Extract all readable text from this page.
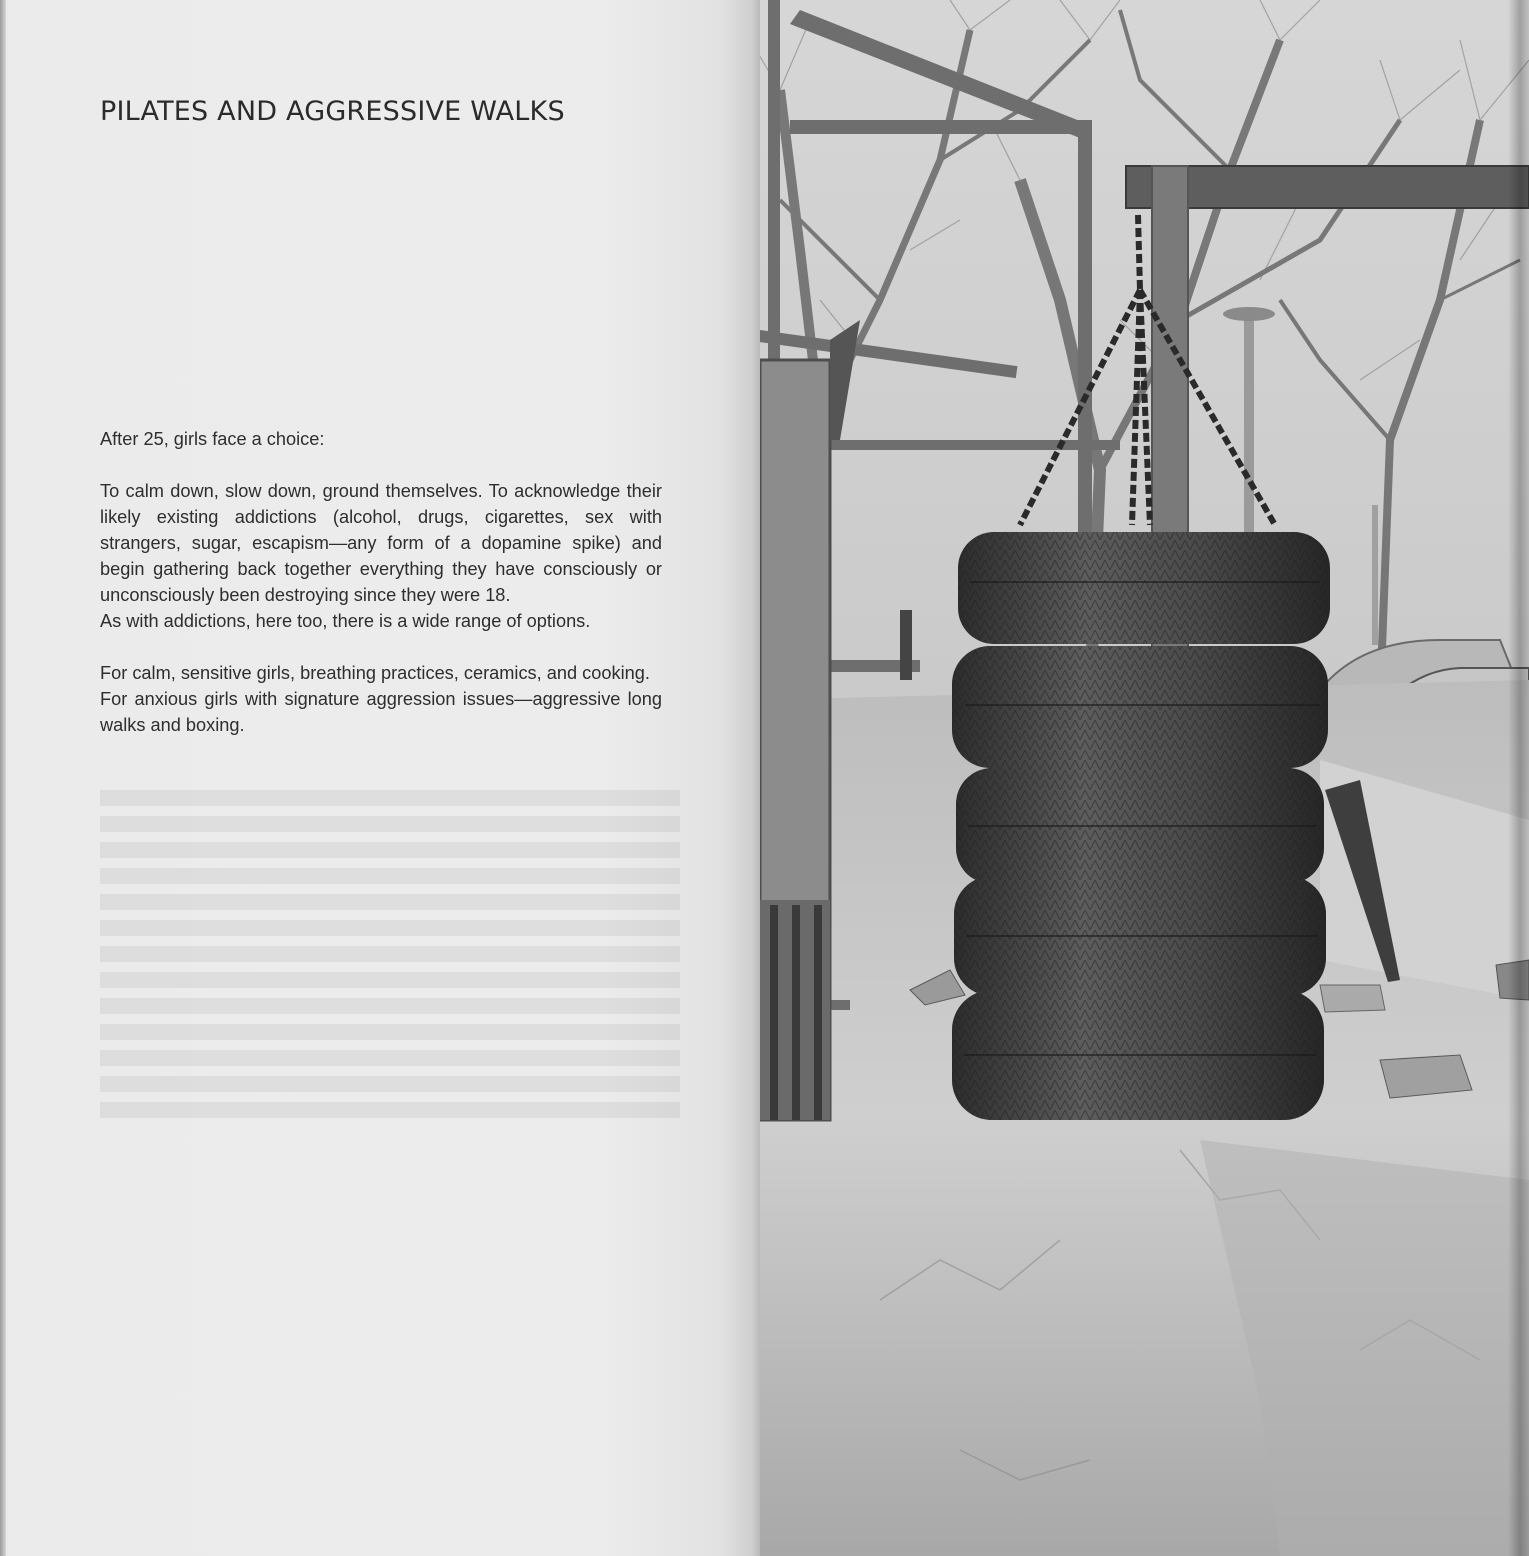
PILATES AND AGGRESSIVE WALKS

After 25, girls face a choice:

To calm down, slow down, ground themselves. To acknowledge their likely existing addictions (alcohol, drugs, cigarettes, sex with strangers, sugar, escapism—any form of a dopamine spike) and begin gathering back together everything they have consciously or unconsciously been destroying since they were 18.

As with addictions, here too, there is a wide range of options.

For calm, sensitive girls, breathing practices, ceramics, and cooking.

For anxious girls with signature aggression issues—aggressive long walks and boxing.
